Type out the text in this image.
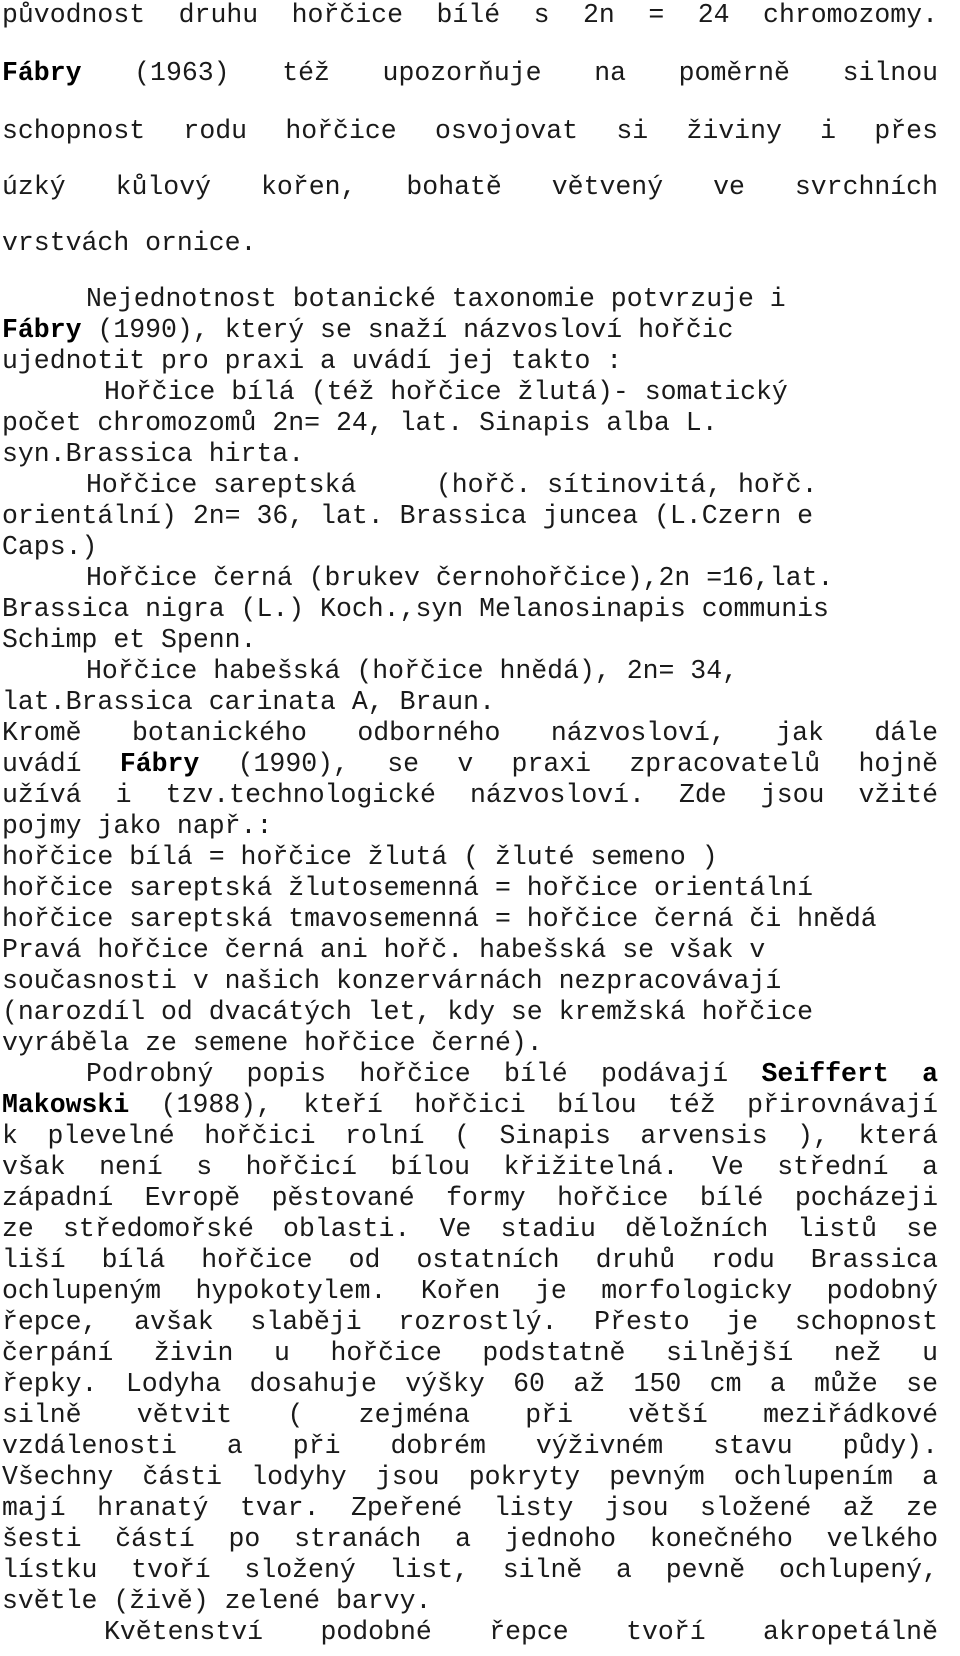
původnost druhu hořčice bílé s 2n = 24 chromozomy.
Fábry (1963) též upozorňuje na poměrně silnou
schopnost rodu hořčice osvojovat si živiny i přes
úzký kůlový kořen, bohatě větvený ve svrchních
vrstvách ornice.
Nejednotnost botanické taxonomie potvrzuje i
Fábry (1990), který se snaží názvosloví hořčic
ujednotit pro praxi a uvádí jej takto :
Hořčice bílá (též hořčice žlutá)- somatický
počet chromozomů 2n= 24, lat. Sinapis alba L.
syn.Brassica hirta.
Hořčice sareptská     (hořč. sítinovitá, hořč.
orientální) 2n= 36, lat. Brassica juncea (L.Czern e
Caps.)
Hořčice černá (brukev černohořčice),2n =16,lat.
Brassica nigra (L.) Koch.,syn Melanosinapis communis
Schimp et Spenn.
Hořčice habešská (hořčice hnědá), 2n= 34,
lat.Brassica carinata A, Braun.
Kromě botanického odborného názvosloví, jak dále
uvádí Fábry (1990), se v praxi zpracovatelů hojně
užívá i tzv.technologické názvosloví. Zde jsou vžité
pojmy jako např.:
hořčice bílá = hořčice žlutá ( žluté semeno )
hořčice sareptská žlutosemenná = hořčice orientální
hořčice sareptská tmavosemenná = hořčice černá či hnědá
Pravá hořčice černá ani hořč. habešská se však v
současnosti v našich konzervárnách nezpracovávají
(narozdíl od dvacátých let, kdy se kremžská hořčice
vyráběla ze semene hořčice černé).
Podrobný popis hořčice bílé podávají Seiffert a
Makowski (1988), kteří hořčici bílou též přirovnávají
k plevelné hořčici rolní ( Sinapis arvensis ), která
však není s hořčicí bílou křižitelná. Ve střední a
západní Evropě pěstované formy hořčice bílé pocházeji
ze středomořské oblasti. Ve stadiu děložních listů se
liší bílá hořčice od ostatních druhů rodu Brassica
ochlupeným hypokotylem. Kořen je morfologicky podobný
řepce, avšak slaběji rozrostlý. Přesto je schopnost
čerpání živin u hořčice podstatně silnější než u
řepky. Lodyha dosahuje výšky 60 až 150 cm a může se
silně větvit ( zejména při větší meziřádkové
vzdálenosti a při dobrém výživném stavu půdy).
Všechny části lodyhy jsou pokryty pevným ochlupením a
mají hranatý tvar. Zpeřené listy jsou složené až ze
šesti částí po stranách a jednoho konečného velkého
lístku tvoří složený list, silně a pevně ochlupený,
světle (živě) zelené barvy.
Květenství podobné řepce tvoří akropetálně
